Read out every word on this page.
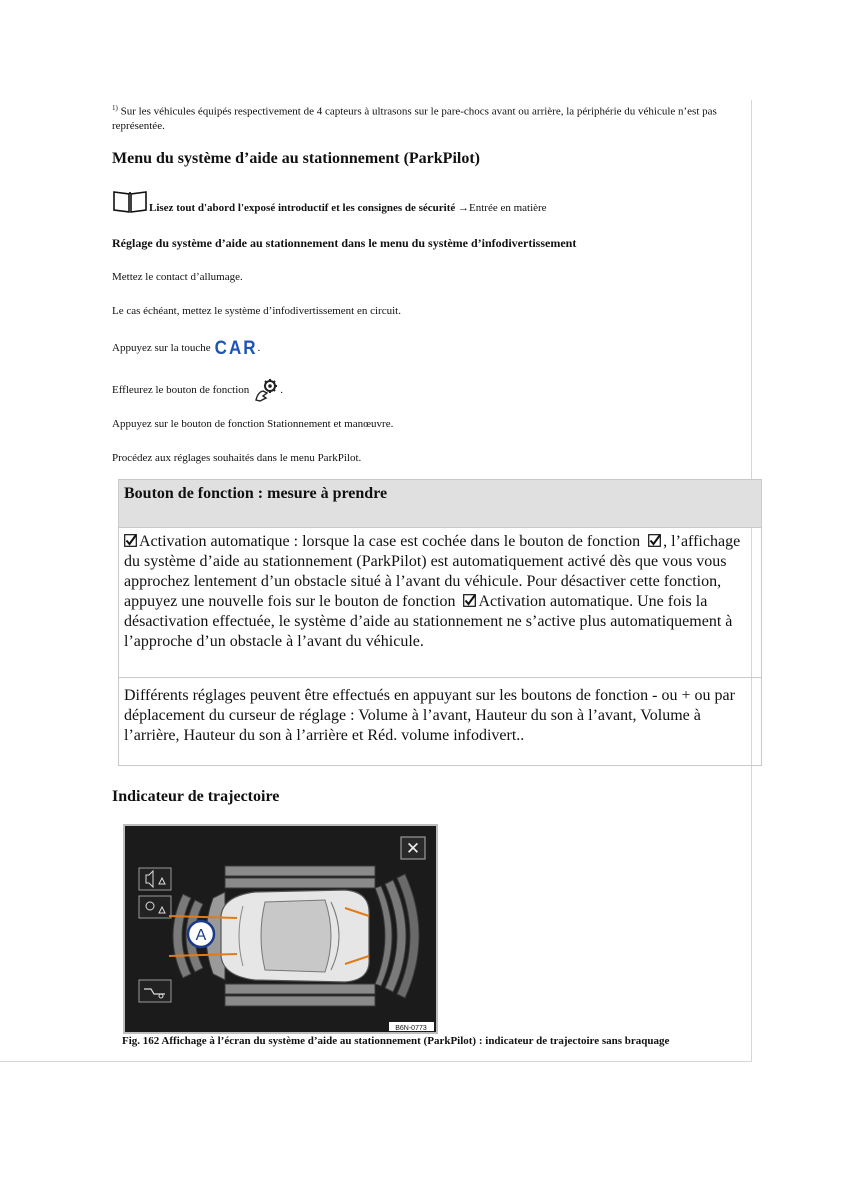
$^{1)}$ Sur les véhicules équipés respectivement de 4 capteurs à ultrasons sur le pare-chocs avant ou arrière, la périphérie du véhicule n’est pas représentée.
Menu du système d’aide au stationnement (ParkPilot)
Lisez tout d'abord l'exposé introductif et les consignes de sécurité
→Entrée en matière
Réglage du système d’aide au stationnement dans le menu du système d’infodivertissement
Mettez le contact d’allumage.
Le cas échéant, mettez le système d’infodivertissement en circuit.
Appuyez sur la touche CAR .
Effleurez le bouton de fonction	.
Appuyez sur le bouton de fonction Stationnement et manœuvre.
Procédez aux réglages souhaités dans le menu ParkPilot.
Bouton de fonction : mesure à prendre
Activation automatique : lorsque la case est cochée dans le bouton de fonction , l’affichage du système d’aide au stationnement (ParkPilot) est automatiquement activé dès que vous vous approchez lentement d’un obstacle situé à l’avant du véhicule. Pour désactiver cette fonction, appuyez une nouvelle fois sur le bouton de fonction Activation automatique. Une fois la désactivation effectuée, le système d’aide au stationnement ne s’active plus automatiquement à l’approche d’un obstacle à l’avant du véhicule.
Différents réglages peuvent être effectués en appuyant sur les boutons de fonction - ou + ou par déplacement du curseur de réglage : Volume à l’avant, Hauteur du son à l’avant, Volume à l’arrière, Hauteur du son à l’arrière et Réd. volume infodivert..
Indicateur de trajectoire
✕
A
B6N-0773
Fig. 162 Affichage à l’écran du système d’aide au stationnement (ParkPilot) : indicateur de trajectoire sans braquage
